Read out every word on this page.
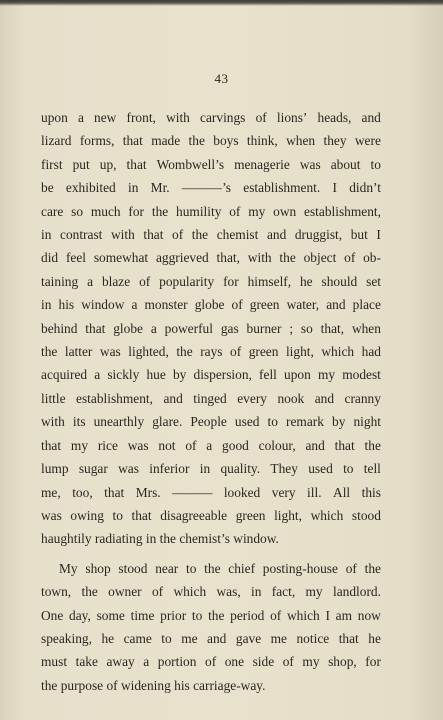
43
upon a new front, with carvings of lions’ heads, and
lizard forms, that made the boys think, when they were
first put up, that Wombwell’s menagerie was about to
be exhibited in Mr. ———’s establishment. I didn’t
care so much for the humility of my own establishment,
in contrast with that of the chemist and druggist, but I
did feel somewhat aggrieved that, with the object of ob-
taining a blaze of popularity for himself, he should set
in his window a monster globe of green water, and place
behind that globe a powerful gas burner ; so that, when
the latter was lighted, the rays of green light, which had
acquired a sickly hue by dispersion, fell upon my modest
little establishment, and tinged every nook and cranny
with its unearthly glare. People used to remark by night
that my rice was not of a good colour, and that the
lump sugar was inferior in quality. They used to tell
me, too, that Mrs. ——— looked very ill. All this
was owing to that disagreeable green light, which stood
haughtily radiating in the chemist’s window.
My shop stood near to the chief posting-house of the
town, the owner of which was, in fact, my landlord.
One day, some time prior to the period of which I am now
speaking, he came to me and gave me notice that he
must take away a portion of one side of my shop, for
the purpose of widening his carriage-way.
